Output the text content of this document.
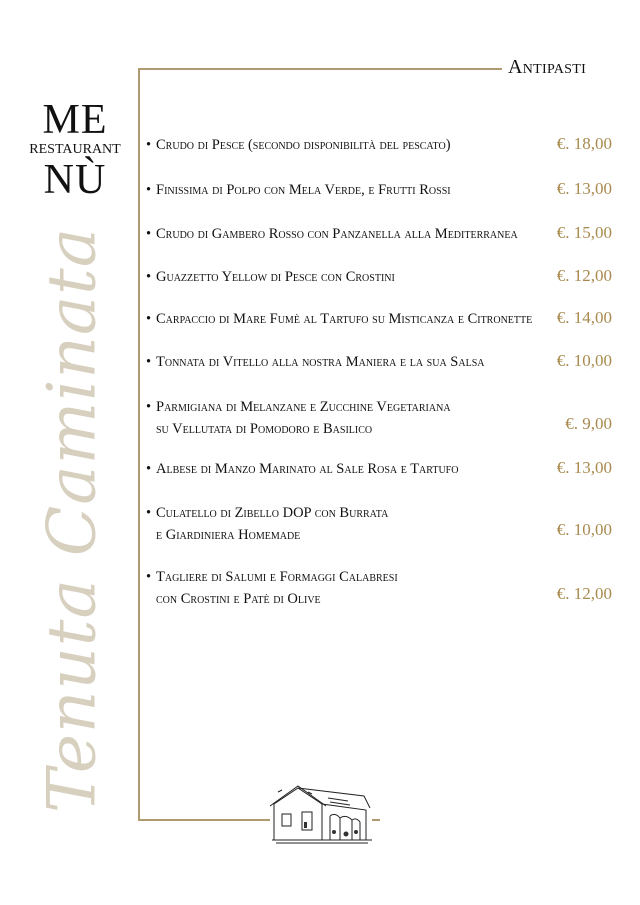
Antipasti
ME
RESTAURANT
NÙ
Tenuta Caminata
• Crudo di Pesce (secondo disponibilità del pescato)	€. 18,00
• Finissima di Polpo con Mela Verde, e Frutti Rossi	€. 13,00
• Crudo di Gambero Rosso con Panzanella alla Mediterranea €. 15,00
• Guazzetto Yellow di Pesce con Crostini	€. 12,00
• Carpaccio di Mare Fumè al Tartufo su Misticanza e Citronette €. 14,00
• Tonnata di Vitello alla nostra Maniera e la sua Salsa	€. 10,00
• Parmigiana di Melanzane e Zucchine Vegetariana
su Vellutata di Pomodoro e Basilico	€. 9,00
• Albese di Manzo Marinato al Sale Rosa e Tartufo	€. 13,00
• Culatello di Zibello DOP con Burrata
e Giardiniera Homemade	€. 10,00
• Tagliere di Salumi e Formaggi Calabresi
con Crostini e Patè di Olive	€. 12,00
